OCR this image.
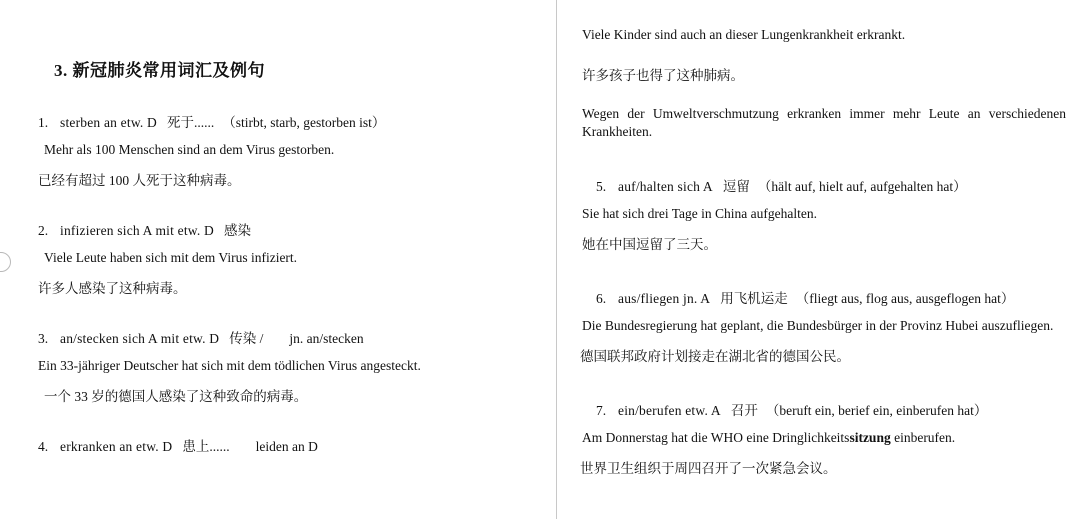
3. 新冠肺炎常用词汇及例句
1. sterben an etw. D 死于...... （stirbt, starb, gestorben ist）
Mehr als 100 Menschen sind an dem Virus gestorben.
已经有超过 100 人死于这种病毒。
2. infizieren sich A mit etw. D 感染
Viele Leute haben sich mit dem Virus infiziert.
许多人感染了这种病毒。
3. an/stecken sich A mit etw. D 传染 / jn. an/stecken
Ein 33-jähriger Deutscher hat sich mit dem tödlichen Virus angesteckt.
一个 33 岁的德国人感染了这种致命的病毒。
4. erkranken an etw. D 患上...... leiden an D
Viele Kinder sind auch an dieser Lungenkrankheit erkrankt.
许多孩子也得了这种肺病。
Wegen der Umweltverschmutzung erkranken immer mehr Leute an verschiedenen Krankheiten.
5. auf/halten sich A 逗留 （hält auf, hielt auf, aufgehalten hat）
Sie hat sich drei Tage in China aufgehalten.
她在中国逗留了三天。
6. aus/fliegen jn. A 用飞机运走 （fliegt aus, flog aus, ausgeflogen hat）
Die Bundesregierung hat geplant, die Bundesbürger in der Provinz Hubei auszufliegen.
德国联邦政府计划接走在湖北省的德国公民。
7. ein/berufen etw. A 召开 （beruft ein, berief ein, einberufen hat）
Am Donnerstag hat die WHO eine Dringlichkeitssitzung einberufen.
世界卫生组织于周四召开了一次紧急会议。
